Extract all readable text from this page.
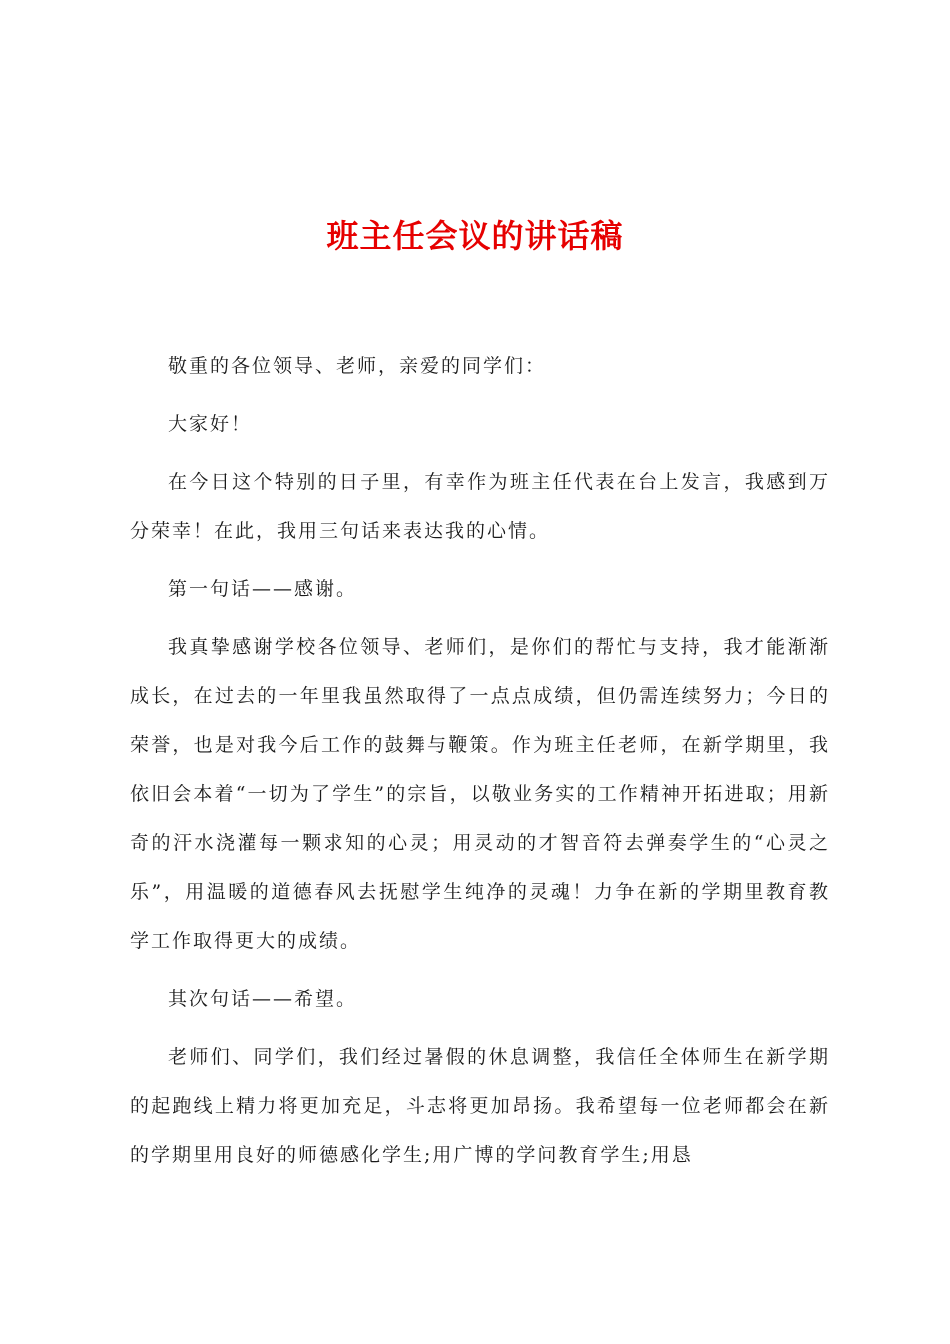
班主任会议的讲话稿

敬重的各位领导、老师，亲爱的同学们：

大家好！

在今日这个特别的日子里，有幸作为班主任代表在台上发言，我感到万分荣幸！在此，我用三句话来表达我的心情。

第一句话——感谢。

我真挚感谢学校各位领导、老师们，是你们的帮忙与支持，我才能渐渐成长，在过去的一年里我虽然取得了一点点成绩，但仍需连续努力；今日的荣誉，也是对我今后工作的鼓舞与鞭策。作为班主任老师，在新学期里，我依旧会本着“一切为了学生”的宗旨，以敬业务实的工作精神开拓进取；用新奇的汗水浇灌每一颗求知的心灵；用灵动的才智音符去弹奏学生的“心灵之乐”，用温暖的道德春风去抚慰学生纯净的灵魂！力争在新的学期里教育教学工作取得更大的成绩。

其次句话——希望。

老师们、同学们，我们经过暑假的休息调整，我信任全体师生在新学期的起跑线上精力将更加充足，斗志将更加昂扬。我希望每一位老师都会在新的学期里用良好的师德感化学生;用广博的学问教育学生;用恳
